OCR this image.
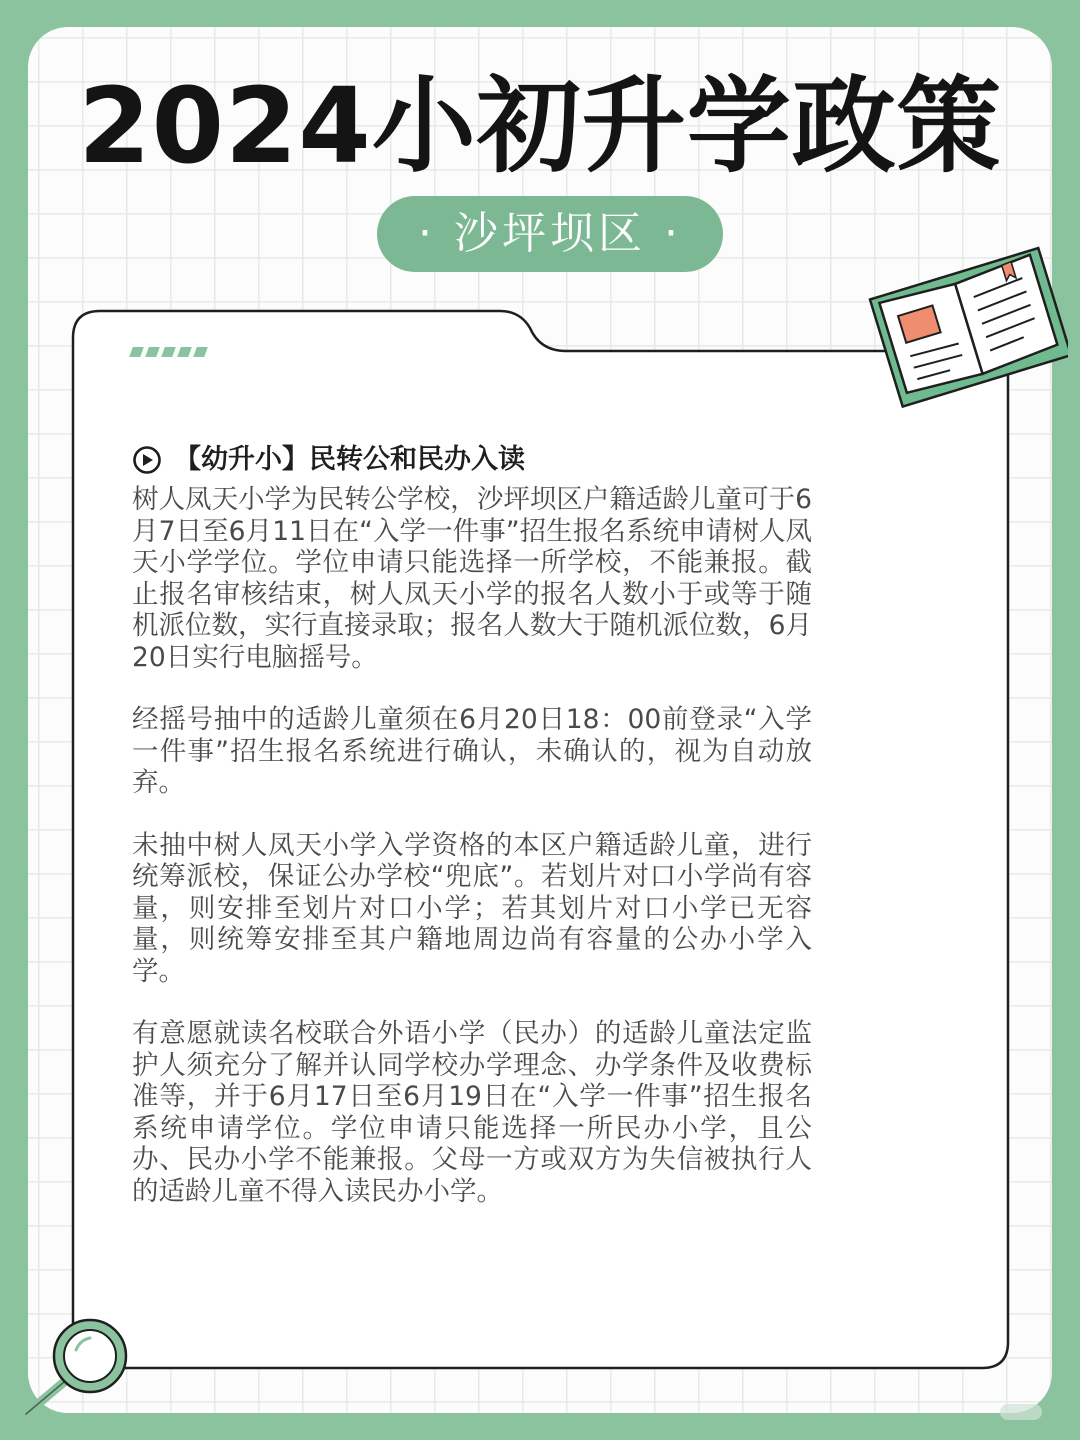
2024小初升学政策
· 沙坪坝区 ·
【幼升小】民转公和民办入读

树人凤天小学为民转公学校，沙坪坝区户籍适龄儿童可于6月7日至6月11日在“入学一件事”招生报名系统申请树人凤天小学学位。学位申请只能选择一所学校，不能兼报。截止报名审核结束，树人凤天小学的报名人数小于或等于随机派位数，实行直接录取；报名人数大于随机派位数，6月20日实行电脑摇号。

经摇号抽中的适龄儿童须在6月20日18：00前登录“入学一件事”招生报名系统进行确认，未确认的，视为自动放弃。

未抽中树人凤天小学入学资格的本区户籍适龄儿童，进行统筹派校，保证公办学校“兜底”。若划片对口小学尚有容量，则安排至划片对口小学；若其划片对口小学已无容量，则统筹安排至其户籍地周边尚有容量的公办小学入学。

有意愿就读名校联合外语小学（民办）的适龄儿童法定监护人须充分了解并认同学校办学理念、办学条件及收费标准等，并于6月17日至6月19日在“入学一件事”招生报名系统申请学位。学位申请只能选择一所民办小学，且公办、民办小学不能兼报。父母一方或双方为失信被执行人的适龄儿童不得入读民办小学。
